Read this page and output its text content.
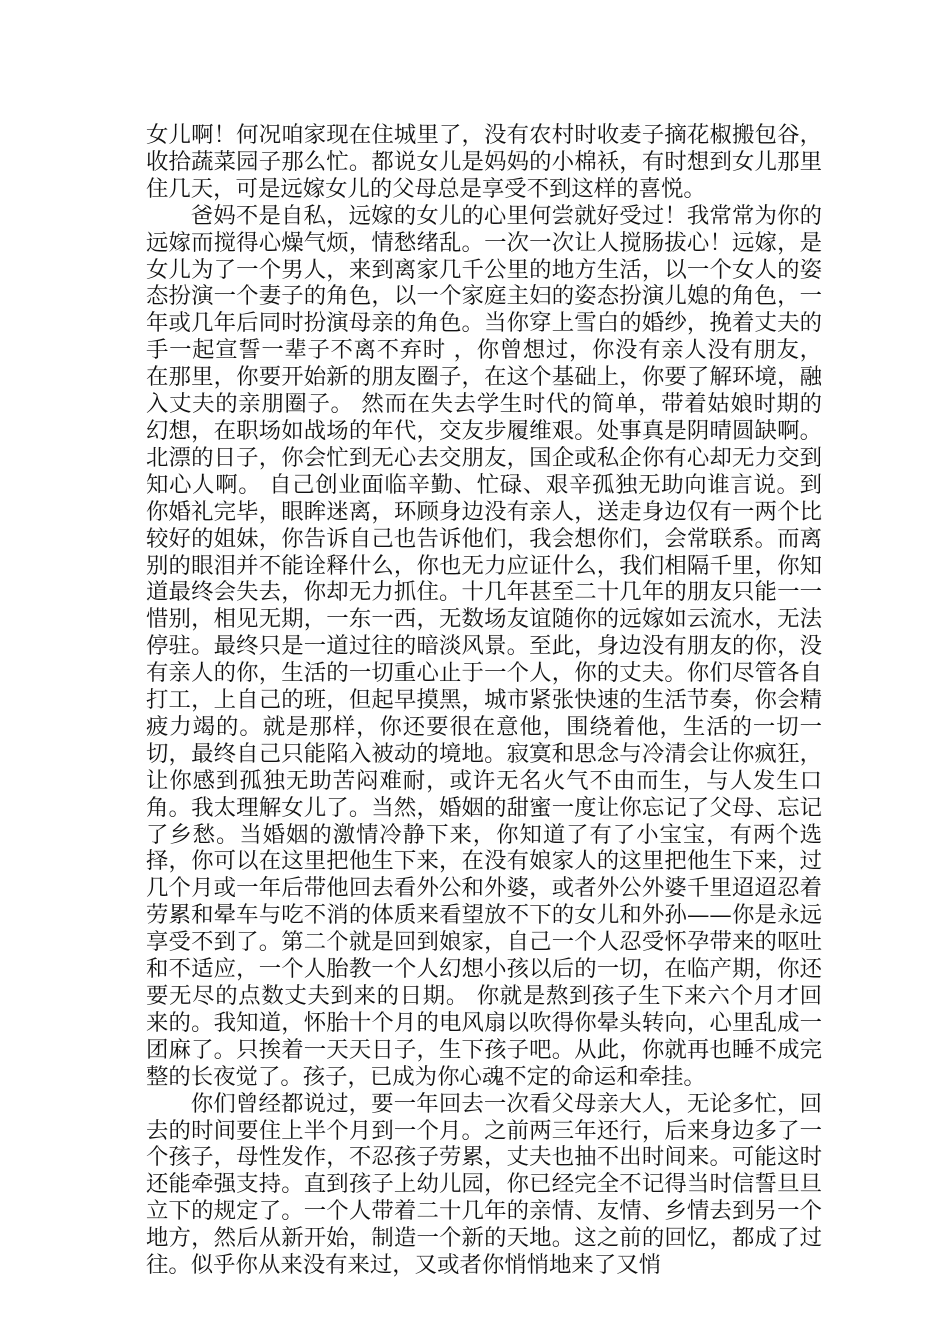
女儿啊！何况咱家现在住城里了，没有农村时收麦子摘花椒搬包谷，收拾蔬菜园子那么忙。都说女儿是妈妈的小棉袄，有时想到女儿那里住几天，可是远嫁女儿的父母总是享受不到这样的喜悦。

爸妈不是自私，远嫁的女儿的心里何尝就好受过！我常常为你的远嫁而搅得心燥气烦，情愁绪乱。一次一次让人搅肠拔心！远嫁，是女儿为了一个男人，来到离家几千公里的地方生活，以一个女人的姿态扮演一个妻子的角色，以一个家庭主妇的姿态扮演儿媳的角色，一年或几年后同时扮演母亲的角色。当你穿上雪白的婚纱，挽着丈夫的手一起宣誓一辈子不离不弃时 ，你曾想过，你没有亲人没有朋友， 在那里，你要开始新的朋友圈子，在这个基础上，你要了解环境，融入丈夫的亲朋圈子。 然而在失去学生时代的简单，带着姑娘时期的幻想，在职场如战场的年代，交友步履维艰。处事真是阴晴圆缺啊。北漂的日子，你会忙到无心去交朋友，国企或私企你有心却无力交到知心人啊。 自己创业面临辛勤、忙碌、艰辛孤独无助向谁言说。到你婚礼完毕，眼眸迷离，环顾身边没有亲人，送走身边仅有一两个比较好的姐妹，你告诉自己也告诉他们，我会想你们，会常联系。而离别的眼泪并不能诠释什么，你也无力应证什么，我们相隔千里，你知道最终会失去，你却无力抓住。十几年甚至二十几年的朋友只能一一惜别，相见无期，一东一西，无数场友谊随你的远嫁如云流水，无法停驻。最终只是一道过往的暗淡风景。至此，身边没有朋友的你，没有亲人的你，生活的一切重心止于一个人，你的丈夫。你们尽管各自打工，上自己的班，但起早摸黑，城市紧张快速的生活节奏，你会精疲力竭的。就是那样，你还要很在意他，围绕着他，生活的一切一切，最终自己只能陷入被动的境地。寂寞和思念与冷清会让你疯狂，让你感到孤独无助苦闷难耐，或许无名火气不由而生，与人发生口角。我太理解女儿了。当然，婚姻的甜蜜一度让你忘记了父母、忘记了乡愁。当婚姻的激情冷静下来，你知道了有了小宝宝，有两个选择，你可以在这里把他生下来，在没有娘家人的这里把他生下来，过几个月或一年后带他回去看外公和外婆，或者外公外婆千里迢迢忍着劳累和晕车与吃不消的体质来看望放不下的女儿和外孙——你是永远享受不到了。第二个就是回到娘家，自己一个人忍受怀孕带来的呕吐和不适应，一个人胎教一个人幻想小孩以后的一切，在临产期，你还要无尽的点数丈夫到来的日期。 你就是熬到孩子生下来六个月才回来的。我知道，怀胎十个月的电风扇以吹得你晕头转向，心里乱成一团麻了。只挨着一天天日子，生下孩子吧。从此，你就再也睡不成完整的长夜觉了。孩子，已成为你心魂不定的命运和牵挂。

你们曾经都说过，要一年回去一次看父母亲大人，无论多忙，回去的时间要住上半个月到一个月。之前两三年还行，后来身边多了一个孩子，母性发作，不忍孩子劳累，丈夫也抽不出时间来。可能这时还能牵强支持。直到孩子上幼儿园，你已经完全不记得当时信誓旦旦立下的规定了。一个人带着二十几年的亲情、友情、乡情去到另一个地方，然后从新开始，制造一个新的天地。这之前的回忆，都成了过往。似乎你从来没有来过，又或者你悄悄地来了又悄
